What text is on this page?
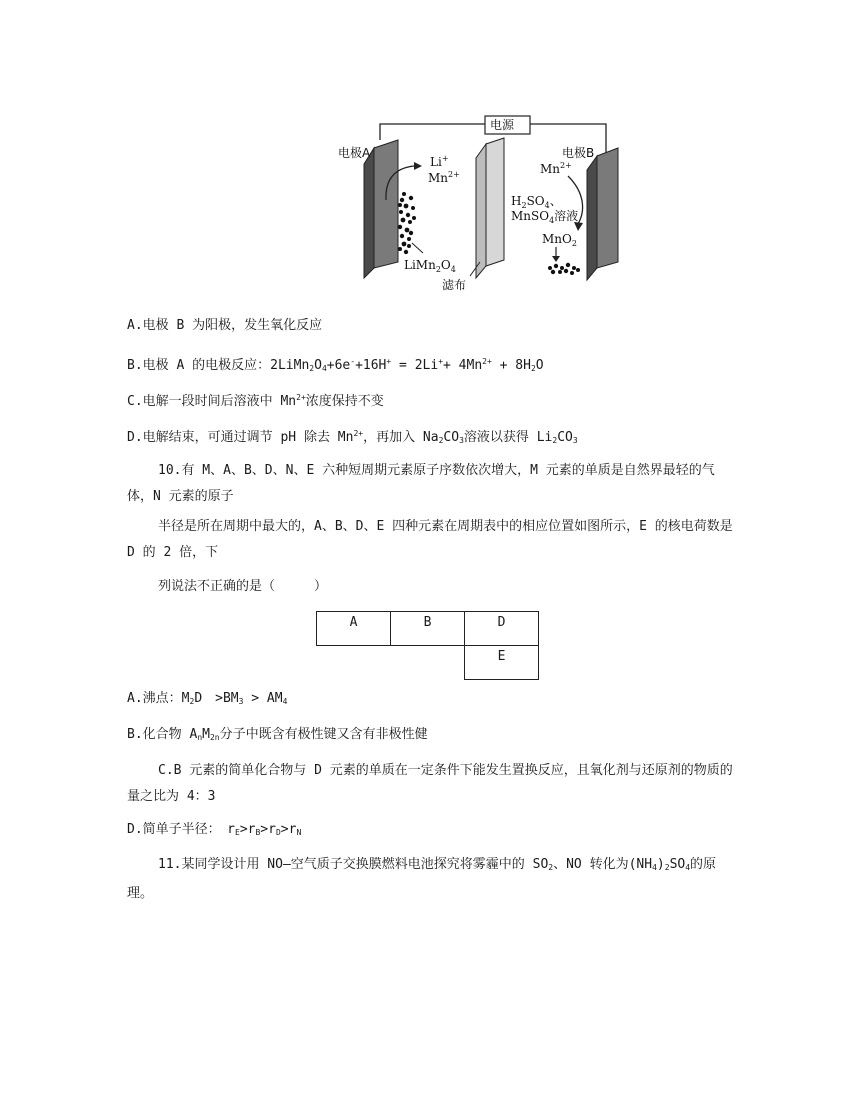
电源
电极A
$LiMn_2O_4$
Li+
$Mn^{2+}$
滤布
电极B
$Mn^{2+}$
$H_2SO_4$、
MnSO$_4$溶液
MnO$_2$
A.电极 B 为阳极，发生氧化反应
B.电极 A 的电极反应：$2LiMn_2O_4+6e^-+16H^+ = 2Li^++ 4Mn^{2+} + 8H_2O$
C.电解一段时间后溶液中 $Mn^{2+}$浓度保持不变
D.电解结束，可通过调节 pH 除去 $Mn^{2+}$，再加入 $Na_2CO_3$溶液以获得 $Li_2CO_3$
10.有 M、A、B、D、N、E 六种短周期元素原子序数依次增大，M 元素的单质是自然界最轻的气体，N 元素的原子
半径是所在周期中最大的，A、B、D、E 四种元素在周期表中的相应位置如图所示，E 的核电荷数是 D 的 2 倍，下
列说法不正确的是（　　　）
A	B	D
		E
A.沸点：$M_2D$　$>BM_3 > AM_4$
B.化合物 $A_nM_{2n}$分子中既含有极性键又含有非极性健
C.B 元素的简单化合物与 D 元素的单质在一定条件下能发生置换反应，且氧化剂与还原剂的物质的量之比为 4：3
D.简单子半径：　$r_E>r_B>r_D>r_N$
11.某同学设计用 NO—空气质子交换膜燃料电池探究将雾霾中的 $SO_2$、NO 转化为$(NH_4)_2SO_4$的原理。
